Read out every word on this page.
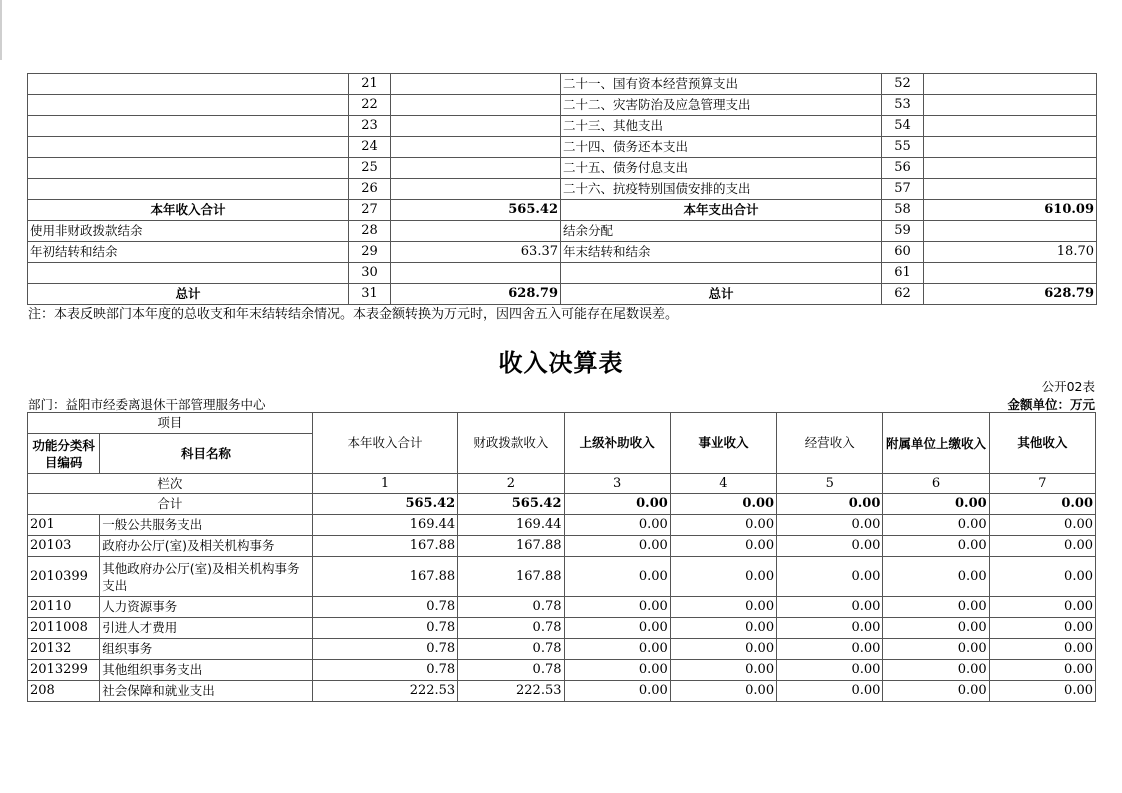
	21		二十一、国有资本经营预算支出	52	
	22		二十二、灾害防治及应急管理支出	53	
	23		二十三、其他支出	54	
	24		二十四、债务还本支出	55	
	25		二十五、债务付息支出	56	
	26		二十六、抗疫特别国债安排的支出	57	
本年收入合计	27	565.42	本年支出合计	58	610.09
使用非财政拨款结余	28		结余分配	59	
年初结转和结余	29	63.37	年末结转和结余	60	18.70
	30			61	
总计	31	628.79	总计	62	628.79
注：本表反映部门本年度的总收支和年末结转结余情况。本表金额转换为万元时，因四舍五入可能存在尾数误差。
收入决算表
公开02表
部门：益阳市经委离退休干部管理服务中心	金额单位：万元
项目		本年收入合计	财政拨款收入	上级补助收入	事业收入	经营收入	附属单位上缴收入	其他收入
功能分类科目编码	科目名称							
栏次		1	2	3	4	5	6	7
合计		565.42	565.42	0.00	0.00	0.00	0.00	0.00
201	一般公共服务支出	169.44	169.44	0.00	0.00	0.00	0.00	0.00
20103	政府办公厅(室)及相关机构事务	167.88	167.88	0.00	0.00	0.00	0.00	0.00
2010399	其他政府办公厅(室)及相关机构事务支出	167.88	167.88	0.00	0.00	0.00	0.00	0.00
20110	人力资源事务	0.78	0.78	0.00	0.00	0.00	0.00	0.00
2011008	引进人才费用	0.78	0.78	0.00	0.00	0.00	0.00	0.00
20132	组织事务	0.78	0.78	0.00	0.00	0.00	0.00	0.00
2013299	其他组织事务支出	0.78	0.78	0.00	0.00	0.00	0.00	0.00
208	社会保障和就业支出	222.53	222.53	0.00	0.00	0.00	0.00	0.00
